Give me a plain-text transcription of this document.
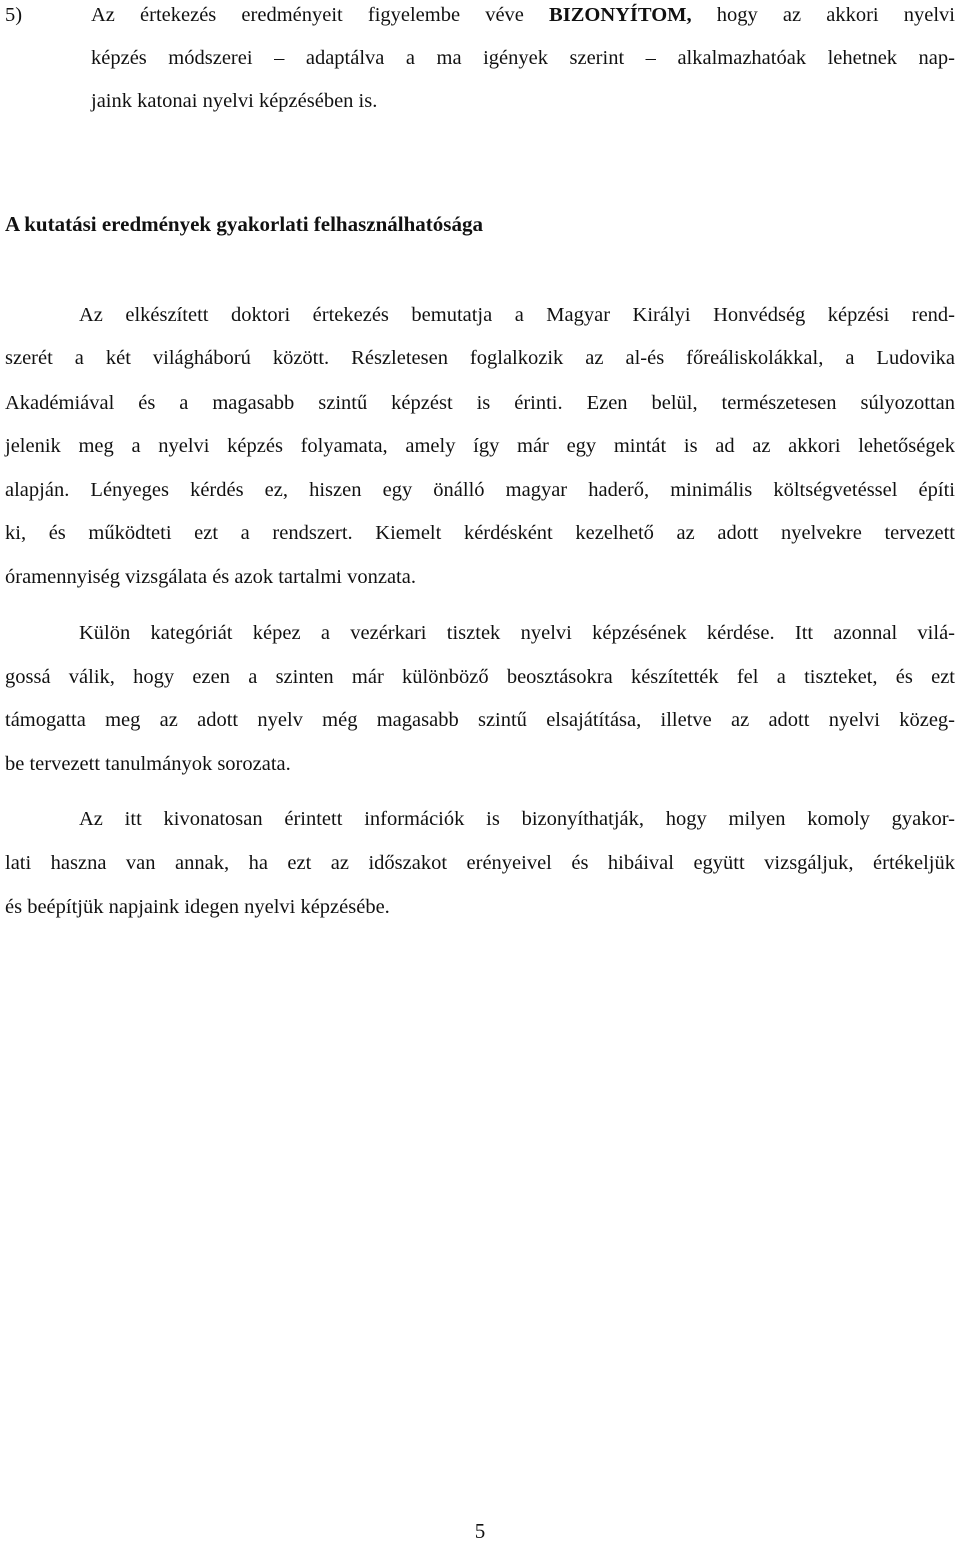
5)	Az értekezés eredményeit figyelembe véve BIZONYÍTOM, hogy az akkori nyelvi
képzés módszerei – adaptálva a ma igények szerint – alkalmazhatóak lehetnek nap-
jaink katonai nyelvi képzésében is.
A kutatási eredmények gyakorlati felhasználhatósága
Az elkészített doktori értekezés bemutatja a Magyar Királyi Honvédség képzési rend-
szerét a két világháború között. Részletesen foglalkozik az al-és főreáliskolákkal, a Ludovika
Akadémiával és a magasabb szintű képzést is érinti. Ezen belül, természetesen súlyozottan
jelenik meg a nyelvi képzés folyamata, amely így már egy mintát is ad az akkori lehetőségek
alapján. Lényeges kérdés ez, hiszen egy önálló magyar haderő, minimális költségvetéssel építi
ki, és működteti ezt a rendszert. Kiemelt kérdésként kezelhető az adott nyelvekre tervezett
óramennyiség vizsgálata és azok tartalmi vonzata.
Külön kategóriát képez a vezérkari tisztek nyelvi képzésének kérdése. Itt azonnal vilá-
gossá válik, hogy ezen a szinten már különböző beosztásokra készítették fel a tiszteket, és ezt
támogatta meg az adott nyelv még magasabb szintű elsajátítása, illetve az adott nyelvi közeg-
be tervezett tanulmányok sorozata.
Az itt kivonatosan érintett információk is bizonyíthatják, hogy milyen komoly gyakor-
lati haszna van annak, ha ezt az időszakot erényeivel és hibáival együtt vizsgáljuk, értékeljük
és beépítjük napjaink idegen nyelvi képzésébe.
5
